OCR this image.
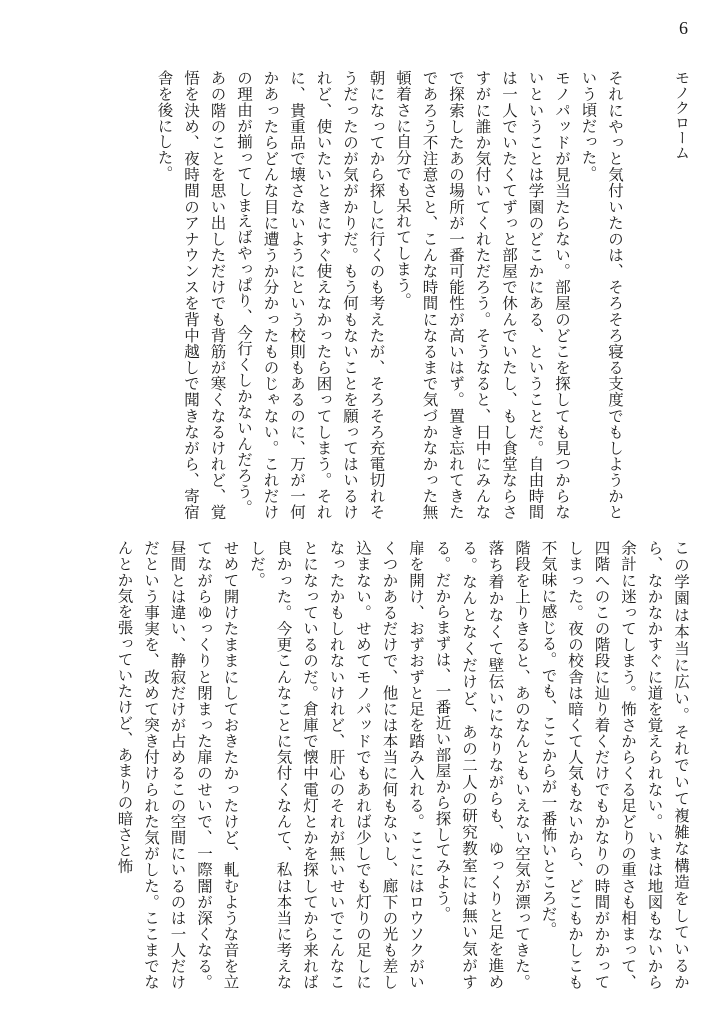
6
モノクローム

それにやっと気付いたのは、そろそろ寝る支度でもしようかという頃だった。

モノパッドが見当たらない。部屋のどこを探しても見つからないということは学園のどこかにある、ということだ。自由時間は一人でいたくてずっと部屋で休んでいたし、もし食堂ならさすがに誰か気付いてくれただろう。そうなると、日中にみんなで探索したあの場所が一番可能性が高いはず。置き忘れてきたであろう不注意さと、こんな時間になるまで気づかなかった無頓着さに自分でも呆れてしまう。

朝になってから探しに行くのも考えたが、そろそろ充電切れそうだったのが気がかりだ。もう何もないことを願ってはいるけれど、使いたいときにすぐ使えなかったら困ってしまう。それに、貴重品で壊さないようにという校則もあるのに、万が一何かあったらどんな目に遭うか分かったものじゃない。これだけの理由が揃ってしまえばやっぱり、今行くしかないんだろう。

あの階のことを思い出しただけでも背筋が寒くなるけれど、覚悟を決め、夜時間のアナウンスを背中越しで聞きながら、寄宿舎を後にした。

この学園は本当に広い。それでいて複雑な構造をしているから、なかなかすぐに道を覚えられない。いまは地図もないから余計に迷ってしまう。怖さからくる足どりの重さも相まって、四階へのこの階段に辿り着くだけでもかなりの時間がかかってしまった。夜の校舎は暗くて人気もないから、どこもかしこも不気味に感じる。でも、ここからが一番怖いところだ。

階段を上りきると、あのなんともいえない空気が漂ってきた。落ち着かなくて壁伝いになりながらも、ゆっくりと足を進める。なんとなくだけど、あの二人の研究教室には無い気がする。だからまずは、一番近い部屋から探してみよう。

扉を開け、おずおずと足を踏み入れる。ここにはロウソクがいくつかあるだけで、他には本当に何もないし、廊下の光も差し込まない。せめてモノパッドでもあれば少しでも灯りの足しになったかもしれないけれど、肝心のそれが無いせいでこんなことになっているのだ。倉庫で懐中電灯とかを探してから来れば良かった。今更こんなことに気付くなんて、私は本当に考えなしだ。

せめて開けたままにしておきたかったけど、軋むような音を立てながらゆっくりと閉まった扉のせいで、一際闇が深くなる。昼間とは違い、静寂だけが占めるこの空間にいるのは一人だけだという事実を、改めて突き付けられた気がした。ここまでなんとか気を張っていたけど、あまりの暗さと怖
